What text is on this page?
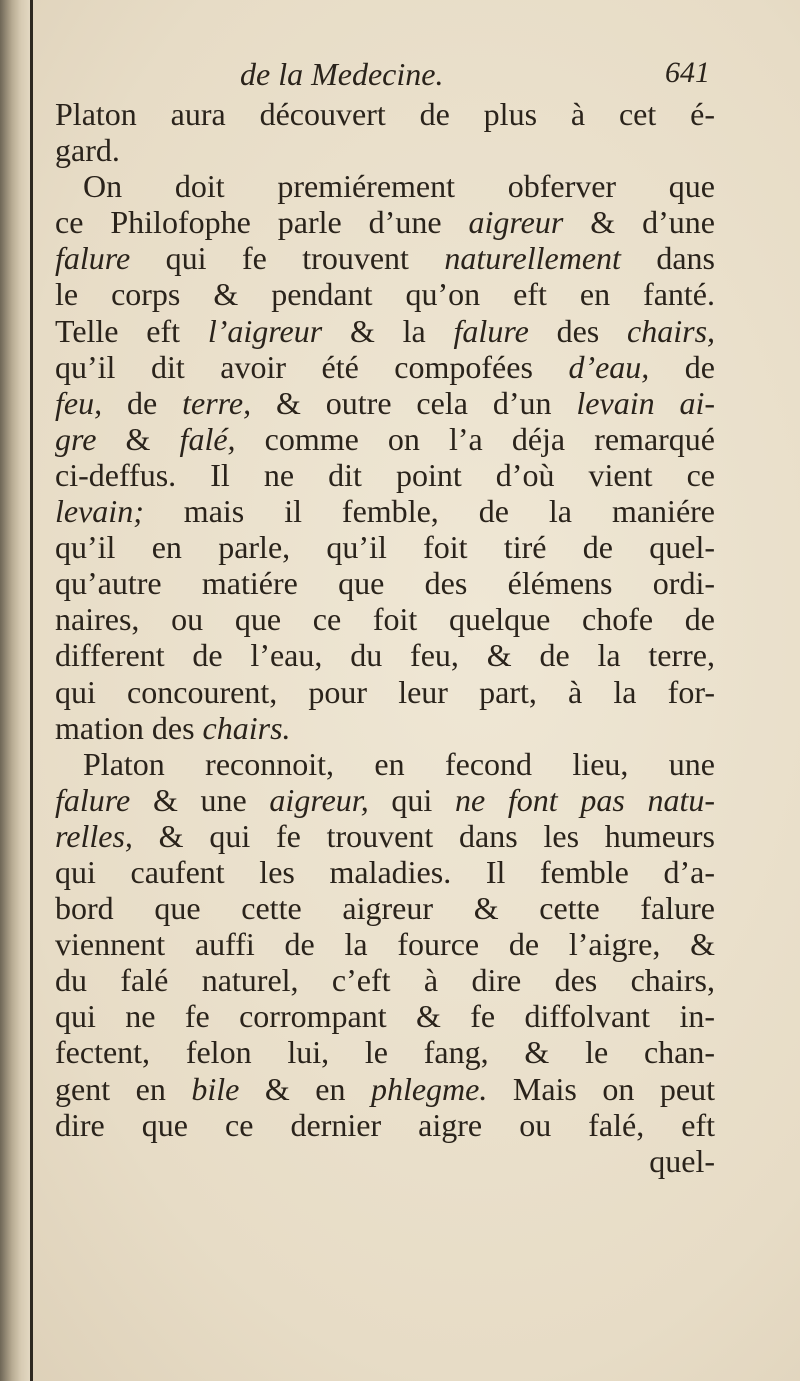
de la Medecine.	641
Platon aura découvert de plus à cet é-
gard.
On doit premiérement obferver que
ce Philofophe parle d’une aigreur & d’une
falure qui fe trouvent naturellement dans
le corps & pendant qu’on eft en fanté.
Telle eft l’aigreur & la falure des chairs,
qu’il dit avoir été compofées d’eau, de
feu, de terre, & outre cela d’un levain ai-
gre & falé, comme on l’a déja remarqué
ci-deffus. Il ne dit point d’où vient ce
levain; mais il femble, de la maniére
qu’il en parle, qu’il foit tiré de quel-
qu’autre matiére que des élémens ordi-
naires, ou que ce foit quelque chofe de
different de l’eau, du feu, & de la terre,
qui concourent, pour leur part, à la for-
mation des chairs.
Platon reconnoit, en fecond lieu, une
falure & une aigreur, qui ne font pas natu-
relles, & qui fe trouvent dans les humeurs
qui caufent les maladies. Il femble d’a-
bord que cette aigreur & cette falure
viennent auffi de la fource de l’aigre, &
du falé naturel, c’eft à dire des chairs,
qui ne fe corrompant & fe diffolvant in-
fectent, felon lui, le fang, & le chan-
gent en bile & en phlegme. Mais on peut
dire que ce dernier aigre ou falé, eft
quel-
